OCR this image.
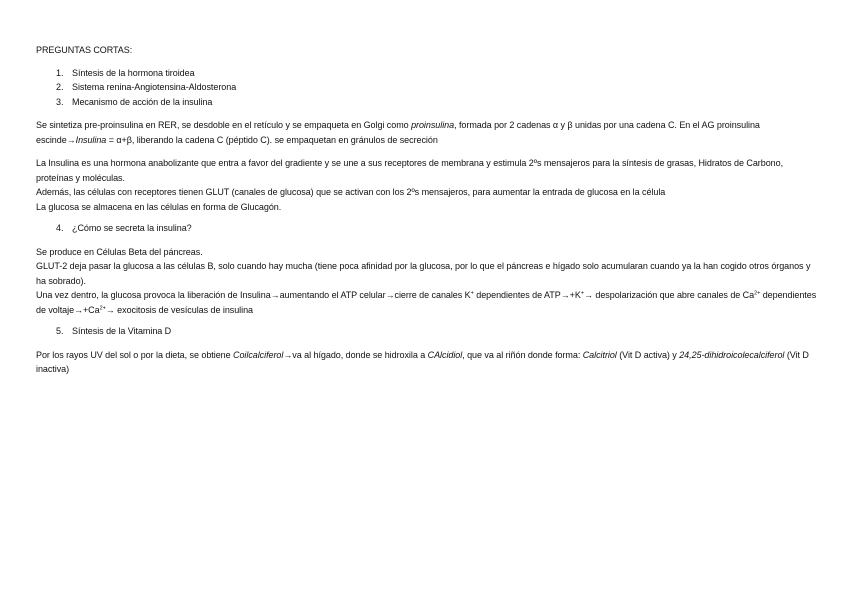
PREGUNTAS CORTAS:

1. Síntesis de la hormona tiroidea
2. Sistema renina-Angiotensina-Aldosterona
3. Mecanismo de acción de la insulina

Se sintetiza pre-proinsulina en RER, se desdoble en el retículo y se empaqueta en Golgi como proinsulina, formada por 2 cadenas α y β unidas por una cadena C. En el AG proinsulina escinde→Insulina = α+β, liberando la cadena C (péptido C). se empaquetan en gránulos de secreción

La Insulina es una hormona anabolizante que entra a favor del gradiente y se une a sus receptores de membrana y estimula 2ºs mensajeros para la síntesis de grasas, Hidratos de Carbono, proteínas y moléculas.

Además, las células con receptores tienen GLUT (canales de glucosa) que se activan con los 2ºs mensajeros, para aumentar la entrada de glucosa en la célula

La glucosa se almacena en las células en forma de Glucagón.

4. ¿Cómo se secreta la insulina?

Se produce en Células Beta del páncreas.

GLUT-2 deja pasar la glucosa a las células B, solo cuando hay mucha (tiene poca afinidad por la glucosa, por lo que el páncreas e hígado solo acumularan cuando ya la han cogido otros órganos y ha sobrado).

Una vez dentro, la glucosa provoca la liberación de Insulina→aumentando el ATP celular→cierre de canales K+ dependientes de ATP→+K+→ despolarización que abre canales de $Ca^{2+}$ dependientes de $voltaje\to+Ca^{2+}\to$ exocitosis de vesículas de insulina

5. Síntesis de la Vitamina D

Por los rayos UV del sol o por la dieta, se obtiene Coilcalciferol→va al hígado, donde se hidroxila a CAlcidiol, que va al riñón donde forma: Calcitriol (Vit D activa) y 24,25-dihidroicolecalciferol (Vit D inactiva)
